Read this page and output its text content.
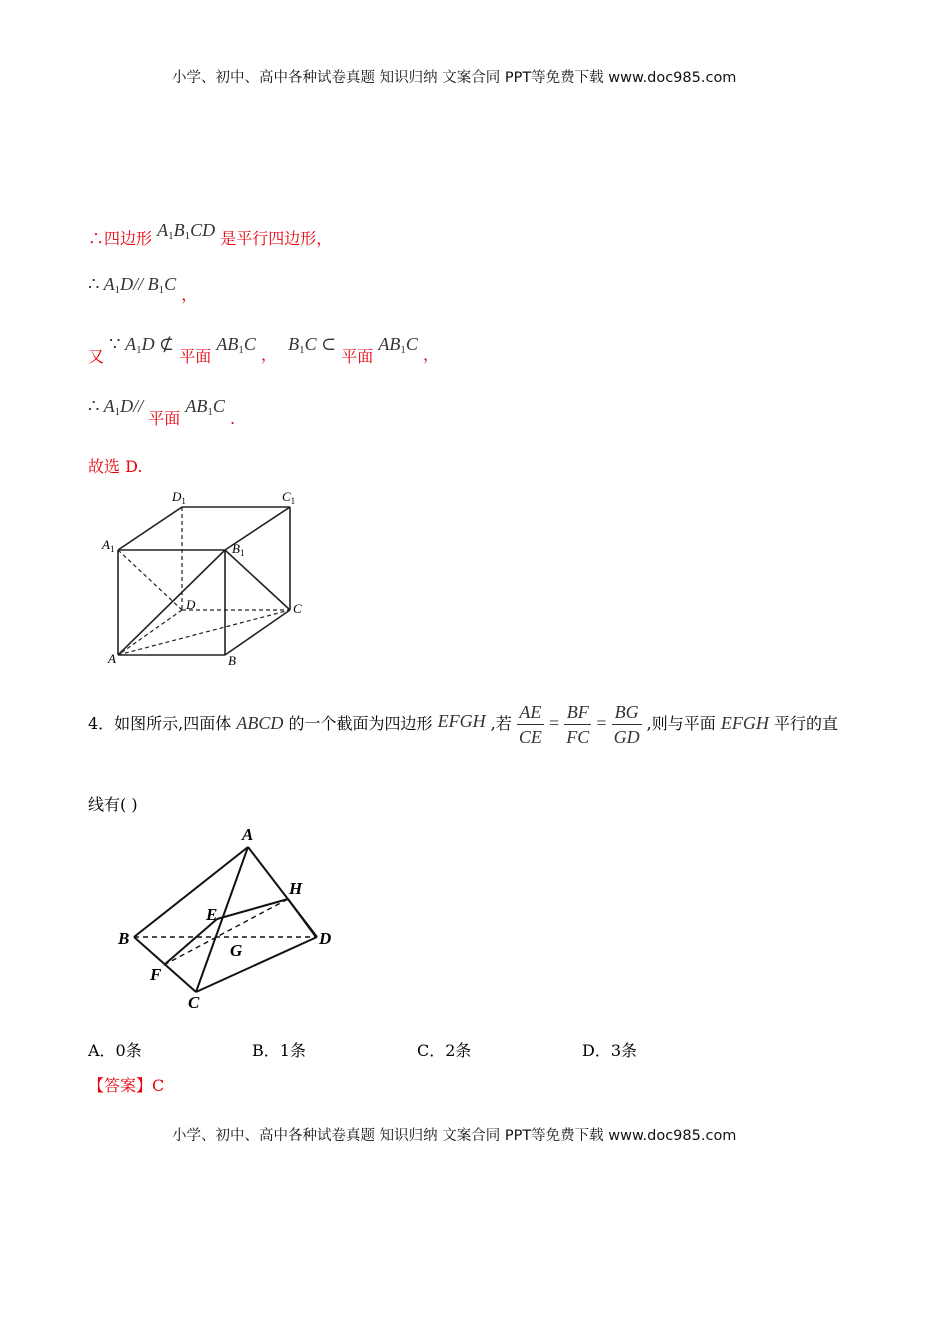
小学、初中、高中各种试卷真题 知识归纳 文案合同 PPT等免费下载 www.doc985.com
∴四边形 A1B1CD 是平行四边形，
∴ A1D// B1C ，
又 ∵ A1D ⊄ 平面 AB1C ， B1C ⊂ 平面 AB1C ，
∴ A1D// 平面 AB1C .
故选 D.
$D_1$	$C_1$
$A_1$	$B_1$
D	C
A	B
4．如图所示,四面体 ABCD 的一个截面为四边形 EFGH ,若 $\frac{AE}{CE} = \frac{BF}{FC} = \frac{BG}{GD}$ ,则与平面 EFGH 平行的直
线有( )
A
B
C
D
E
F
G
H
A．0条	B．1条	C．2条	D．3条
【答案】C
小学、初中、高中各种试卷真题 知识归纳 文案合同 PPT等免费下载 www.doc985.com
